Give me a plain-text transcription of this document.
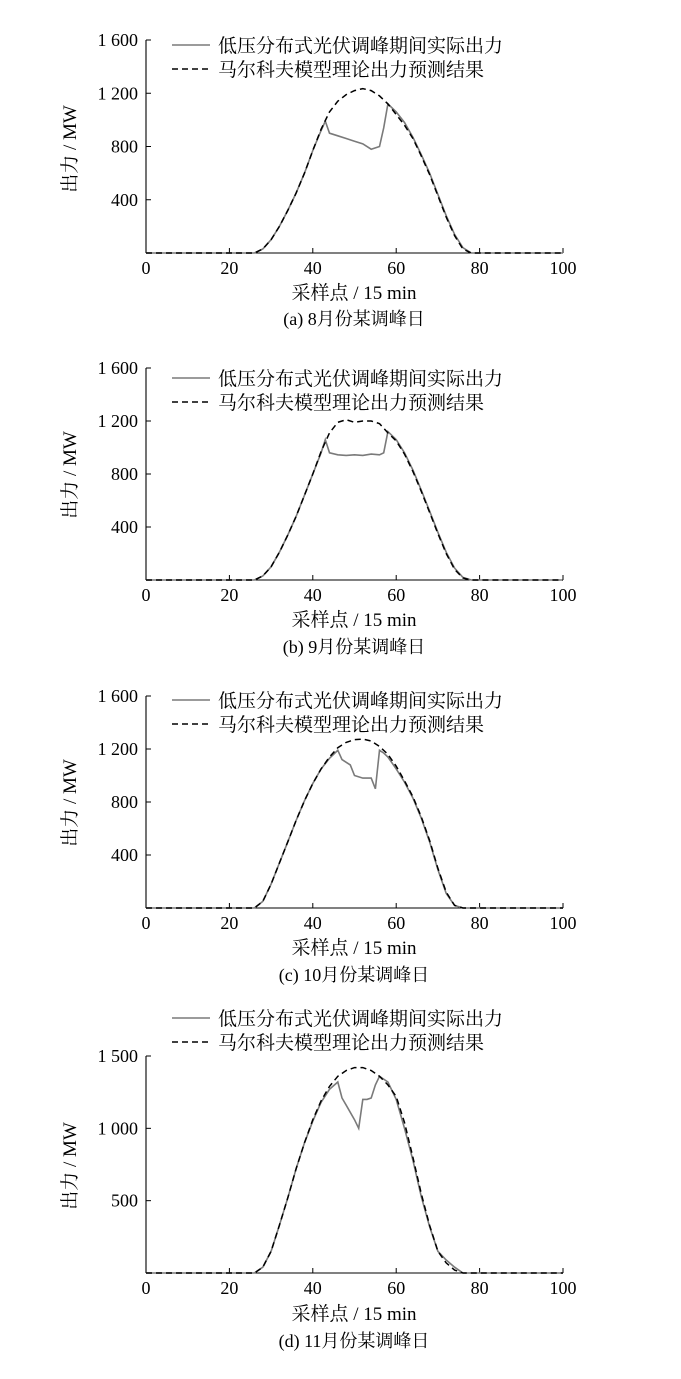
0	20	40	60	80	100
400
800
1 200
1 600
出力 / MW
采样点 / 15 min
(a) 8月份某调峰日
低压分布式光伏调峰期间实际出力
马尔科夫模型理论出力预测结果
0	20	40	60	80	100
400
800
1 200
1 600
出力 / MW
采样点 / 15 min
(b) 9月份某调峰日
低压分布式光伏调峰期间实际出力
马尔科夫模型理论出力预测结果
0	20	40	60	80	100
400
800
1 200
1 600
出力 / MW
采样点 / 15 min
(c) 10月份某调峰日
低压分布式光伏调峰期间实际出力
马尔科夫模型理论出力预测结果
0	20	40	60	80	100
500
1 000
1 500
出力 / MW
采样点 / 15 min
(d) 11月份某调峰日
低压分布式光伏调峰期间实际出力
马尔科夫模型理论出力预测结果
